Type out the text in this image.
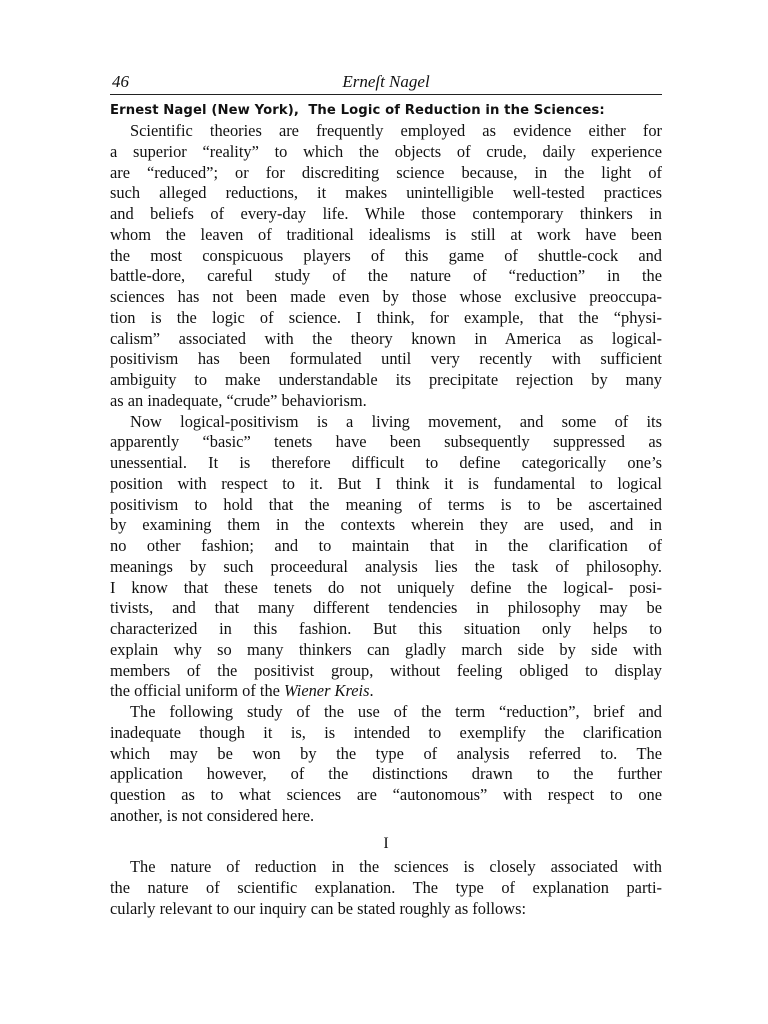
46	Erneſt Nagel
Ernest Nagel (New York), The Logic of Reduction in the Sciences:
Scientific theories are frequently employed as evidence either for
a superior “reality” to which the objects of crude, daily experience
are “reduced”; or for discrediting science because, in the light of
such alleged reductions, it makes unintelligible well-tested practices
and beliefs of every-day life. While those contemporary thinkers in
whom the leaven of traditional idealisms is still at work have been
the most conspicuous players of this game of shuttle-cock and
battle-dore, careful study of the nature of “reduction” in the
sciences has not been made even by those whose exclusive preoccupa-
tion is the logic of science. I think, for example, that the “physi-
calism” associated with the theory known in America as logical-
positivism has been formulated until very recently with sufficient
ambiguity to make understandable its precipitate rejection by many
as an inadequate, “crude” behaviorism.
Now logical-positivism is a living movement, and some of its
apparently “basic” tenets have been subsequently suppressed as
unessential. It is therefore difficult to define categorically one’s
position with respect to it. But I think it is fundamental to logical
positivism to hold that the meaning of terms is to be ascertained
by examining them in the contexts wherein they are used, and in
no other fashion; and to maintain that in the clarification of
meanings by such proceedural analysis lies the task of philosophy.
I know that these tenets do not uniquely define the logical- posi-
tivists, and that many different tendencies in philosophy may be
characterized in this fashion. But this situation only helps to
explain why so many thinkers can gladly march side by side with
members of the positivist group, without feeling obliged to display
the official uniform of the Wiener Kreis.
The following study of the use of the term “reduction”, brief and
inadequate though it is, is intended to exemplify the clarification
which may be won by the type of analysis referred to. The
application however, of the distinctions drawn to the further
question as to what sciences are “autonomous” with respect to one
another, is not considered here.
I
The nature of reduction in the sciences is closely associated with
the nature of scientific explanation. The type of explanation parti-
cularly relevant to our inquiry can be stated roughly as follows:
